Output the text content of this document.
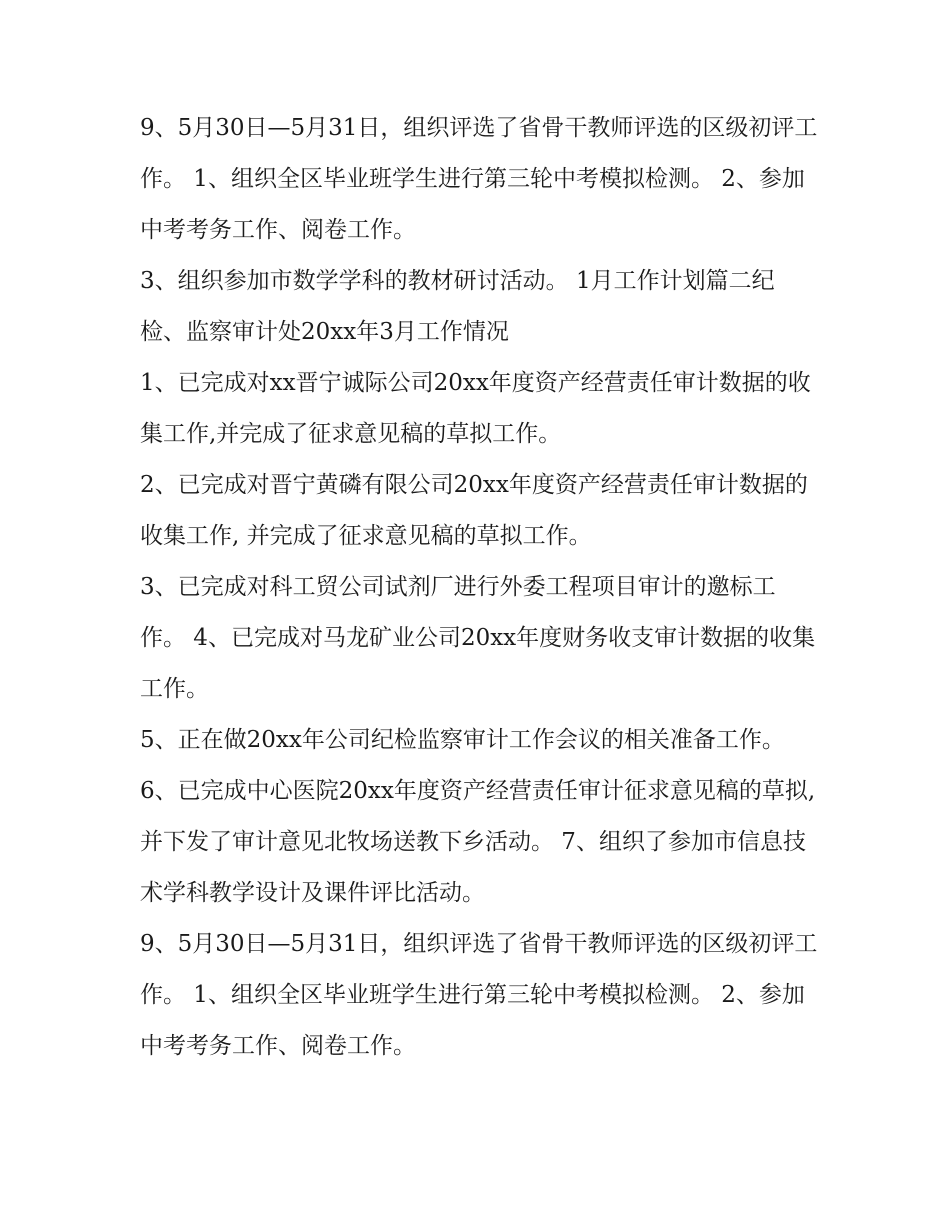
9、5月30日—5月31日，组织评选了省骨干教师评选的区级初评工作。 1、组织全区毕业班学生进行第三轮中考模拟检测。 2、参加中考考务工作、阅卷工作。

3、组织参加市数学学科的教材研讨活动。 1月工作计划篇二纪检、监察审计处20xx年3月工作情况

1、已完成对xx晋宁诚际公司20xx年度资产经营责任审计数据的收集工作,并完成了征求意见稿的草拟工作。

2、已完成对晋宁黄磷有限公司20xx年度资产经营责任审计数据的收集工作, 并完成了征求意见稿的草拟工作。

3、已完成对科工贸公司试剂厂进行外委工程项目审计的邀标工作。 4、已完成对马龙矿业公司20xx年度财务收支审计数据的收集工作。

5、正在做20xx年公司纪检监察审计工作会议的相关准备工作。

6、已完成中心医院20xx年度资产经营责任审计征求意见稿的草拟,并下发了审计意见北牧场送教下乡活动。 7、组织了参加市信息技术学科教学设计及课件评比活动。

9、5月30日—5月31日，组织评选了省骨干教师评选的区级初评工作。 1、组织全区毕业班学生进行第三轮中考模拟检测。 2、参加中考考务工作、阅卷工作。
